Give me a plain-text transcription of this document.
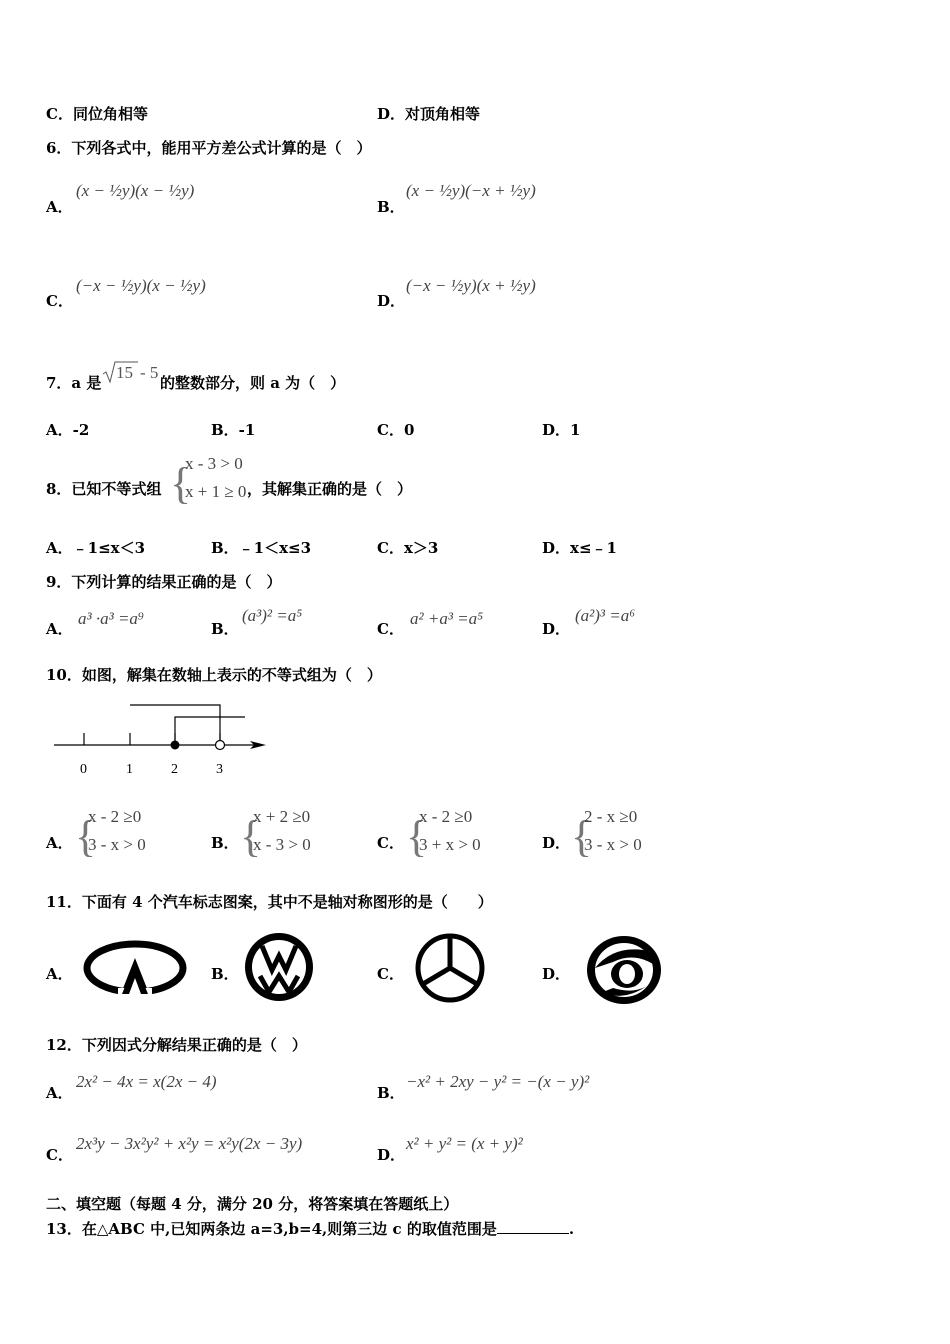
C．同位角相等	D．对顶角相等
6．下列各式中，能用平方差公式计算的是（　）
A．
(x − ½y)(x − ½y)
B．
(x − ½y)(−x + ½y)
C．
(−x − ½y)(x − ½y)
D．
(−x − ½y)(x + ½y)
7．a 是
15 - 5
的整数部分，则 a 为（　）
A．-2	B．-1	C．0	D．1
8．已知不等式组 {
x - 3 > 0
x + 1 ≥ 0 ，其解集正确的是（　）
A．﹣1≤x＜3	B．﹣1＜x≤3	C．x＞3	D．x≤﹣1
9．下列计算的结果正确的是（　）
A．
a³ ·a³ =a⁹
B．
(a³)² =a⁵
C．
a² +a³ =a⁵
D．
(a²)³ =a⁶
10．如图，解集在数轴上表示的不等式组为（　）
0	1	2	3
A． {
x - 2 ≥0
3 - x > 0	B． {
x + 2 ≥0
x - 3 > 0	C． {
x - 2 ≥0
3 + x > 0	D． {
2 - x ≥0
3 - x > 0
11．下面有 4 个汽车标志图案，其中不是轴对称图形的是（　　）
A．	B．	C．	D．
12．下列因式分解结果正确的是（　）
A．
2x² − 4x = x(2x − 4)
B．
−x² + 2xy − y² = −(x − y)²
C．
2x³y − 3x²y² + x²y = x²y(2x − 3y)
D．
x² + y² = (x + y)²
二、填空题（每题 4 分，满分 20 分，将答案填在答题纸上）
13．在△ABC 中,已知两条边 a=3,b=4,则第三边 c 的取值范围是	.
